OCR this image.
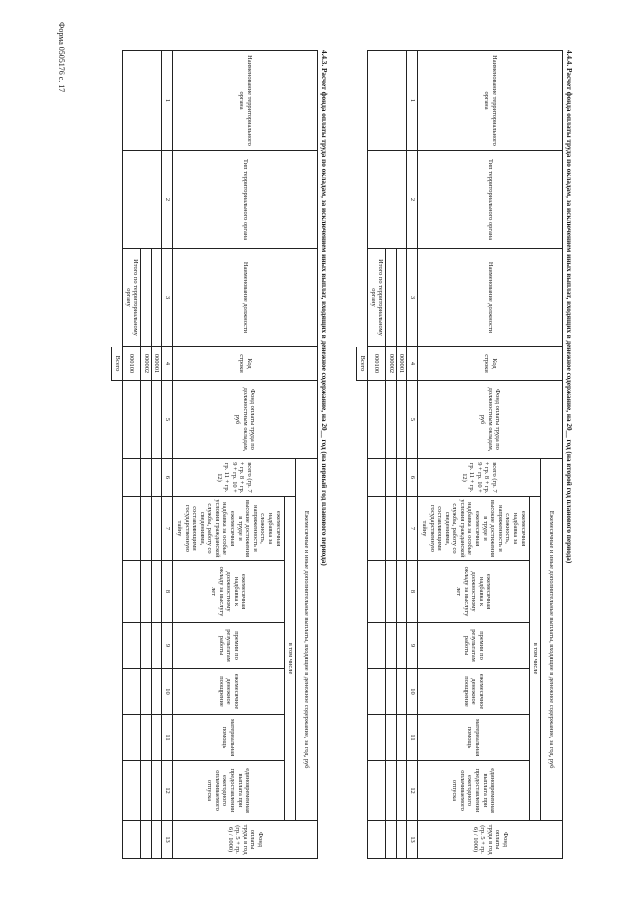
Форма 0505176 с. 17	4.4.3. Расчет фонда оплаты труда по окладам, за исключением иных выплат, входящих в денежное содержание, на 20__ год (на первый год планового периода)
Наименование территориального органа	Тип территориального органа	Наименование должности	Код строки	Фонд оплаты труда по должностным окладам, руб	Ежемесячные и иные дополнительные выплаты, входящие в денежное содержание, за год, руб							Фонд оплаты труда в год (гр. 5 + гр. 6) / 1000)
					всего (гр. 7 + гр. 8 + гр. 9 + гр. 10 + гр. 11 + гр. 12)	в том числе						
						ежемесячная надбавка за сложность, напряженность и высокие достижения в труде и ежемесячная надбавка за особые условия гражданской службы, работу со сведениями, составляющими государственную тайну	ежемесячная надбавка к должностному окладу за выслугу лет	премии по результатам работы	ежемесячное денежное поощрение	материальная помощь	единовременная выплата при предоставлении ежегодного оплачиваемого отпуска	
1	2	3	4	5	6	7	8	9	10	11	12	13
			000001									
			000002									
		Итого по территориальному органу	000100									
			Всего										4.4.4. Расчет фонда оплаты труда по окладам, за исключением иных выплат, входящих в денежное содержание, на 20__ год (на второй год планового периода)
Наименование территориального органа	Тип территориального органа	Наименование должности	Код строки	Фонд оплаты труда по должностным окладам, руб	Ежемесячные и иные дополнительные выплаты, входящие в денежное содержание, за год, руб							Фонд оплаты труда в год (гр. 5 + гр. 6) / 1000)
					всего (гр. 7 + гр. 8 + гр. 9 + гр. 10 + гр. 11 + гр. 12)	в том числе						
						ежемесячная надбавка за сложность, напряженность и высокие достижения в труде и ежемесячная надбавка за особые условия гражданской службы, работу со сведениями, составляющими государственную тайну	ежемесячная надбавка к должностному окладу за выслугу лет	премии по результатам работы	ежемесячное денежное поощрение	материальная помощь	единовременная выплата при предоставлении ежегодного оплачиваемого отпуска	
1	2	3	4	5	6	7	8	9	10	11	12	13
			000001									
			000002									
		Итого по территориальному органу	000100									
			Всего									
